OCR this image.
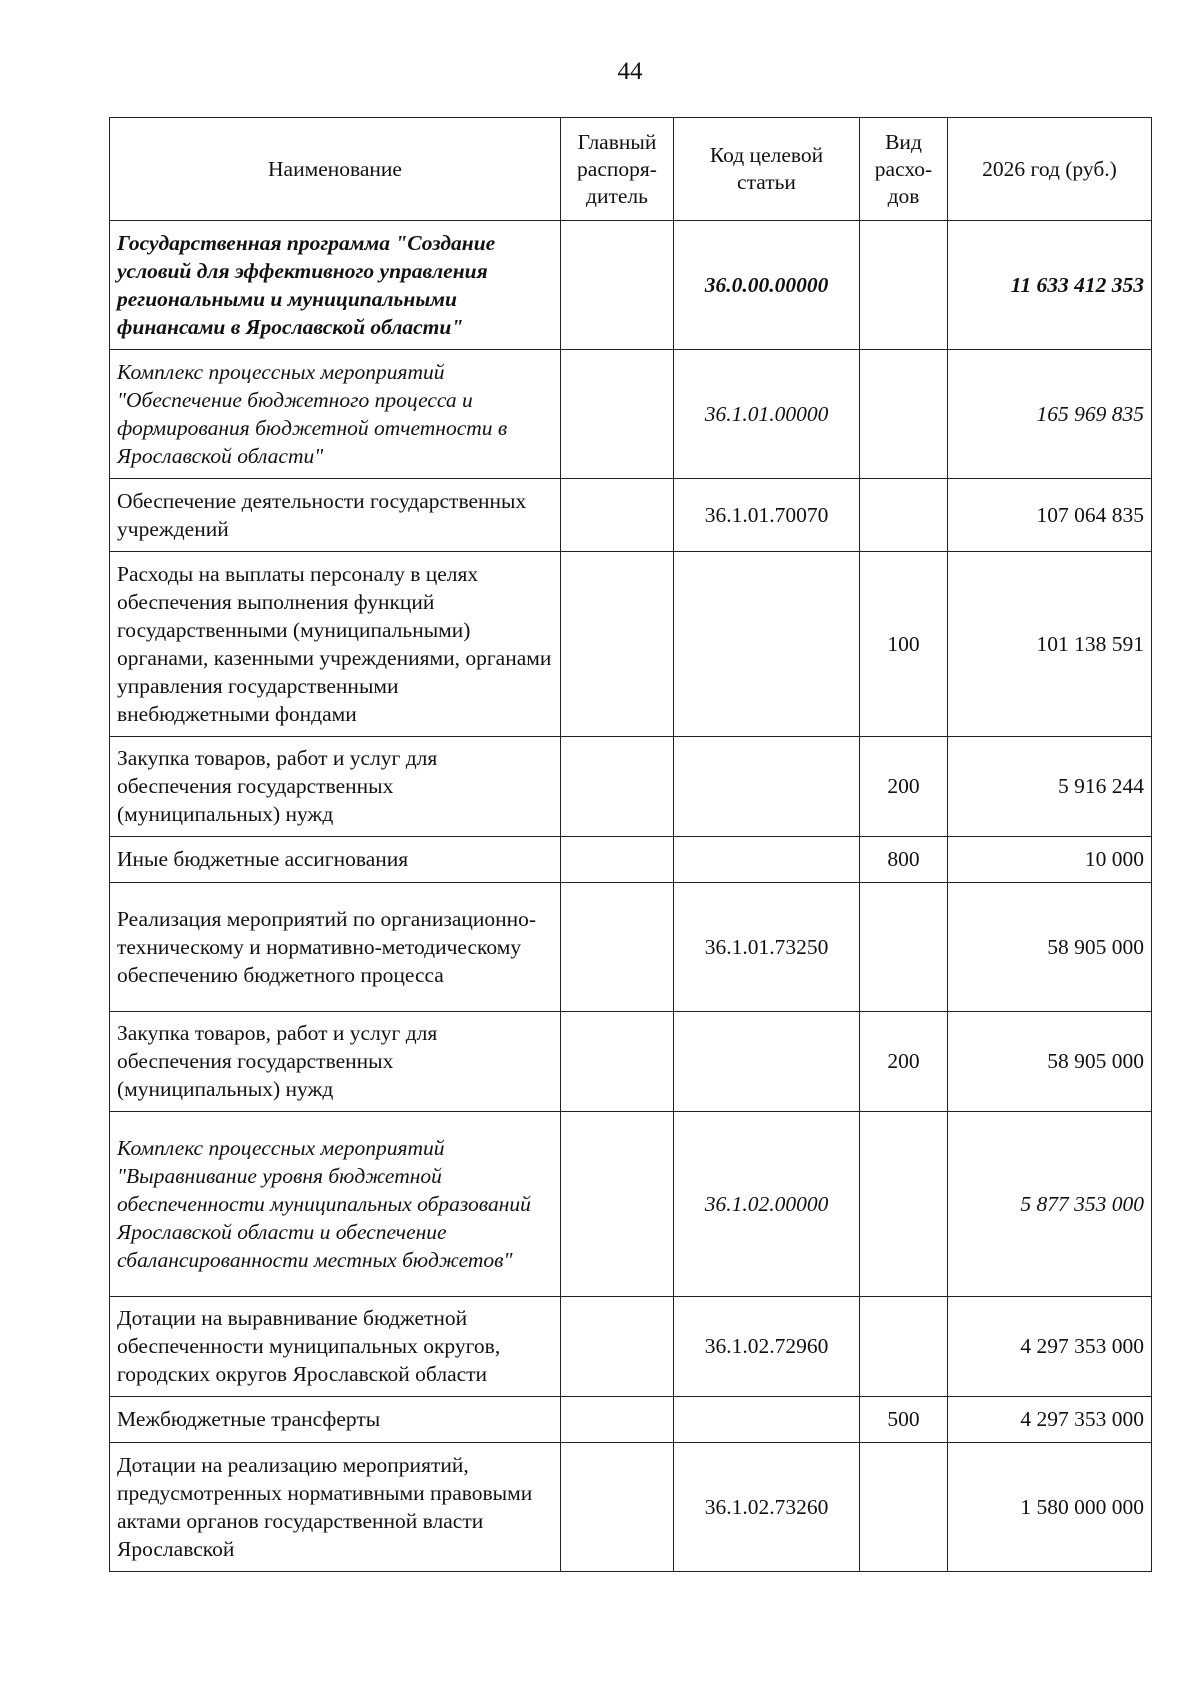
44
Наименование	Главный распоря-дитель	Код целевой статьи	Вид расхо-дов	2026 год (руб.)
Государственная программа "Создание условий для эффективного управления региональными и муниципальными финансами в Ярославской области"		36.0.00.00000		11 633 412 353
Комплекс процессных мероприятий "Обеспечение бюджетного процесса и формирования бюджетной отчетности в Ярославской области"		36.1.01.00000		165 969 835
Обеспечение деятельности государственных учреждений		36.1.01.70070		107 064 835
Расходы на выплаты персоналу в целях обеспечения выполнения функций государственными (муниципальными) органами, казенными учреждениями, органами управления государственными внебюджетными фондами			100	101 138 591
Закупка товаров, работ и услуг для обеспечения государственных (муниципальных) нужд			200	5 916 244
Иные бюджетные ассигнования			800	10 000
Реализация мероприятий по организационно-техническому и нормативно-методическому обеспечению бюджетного процесса		36.1.01.73250		58 905 000
Закупка товаров, работ и услуг для обеспечения государственных (муниципальных) нужд			200	58 905 000
Комплекс процессных мероприятий "Выравнивание уровня бюджетной обеспеченности муниципальных образований Ярославской области и обеспечение сбалансированности местных бюджетов"		36.1.02.00000		5 877 353 000
Дотации на выравнивание бюджетной обеспеченности муниципальных округов, городских округов Ярославской области		36.1.02.72960		4 297 353 000
Межбюджетные трансферты			500	4 297 353 000
Дотации на реализацию мероприятий, предусмотренных нормативными правовыми актами органов государственной власти Ярославской		36.1.02.73260		1 580 000 000
